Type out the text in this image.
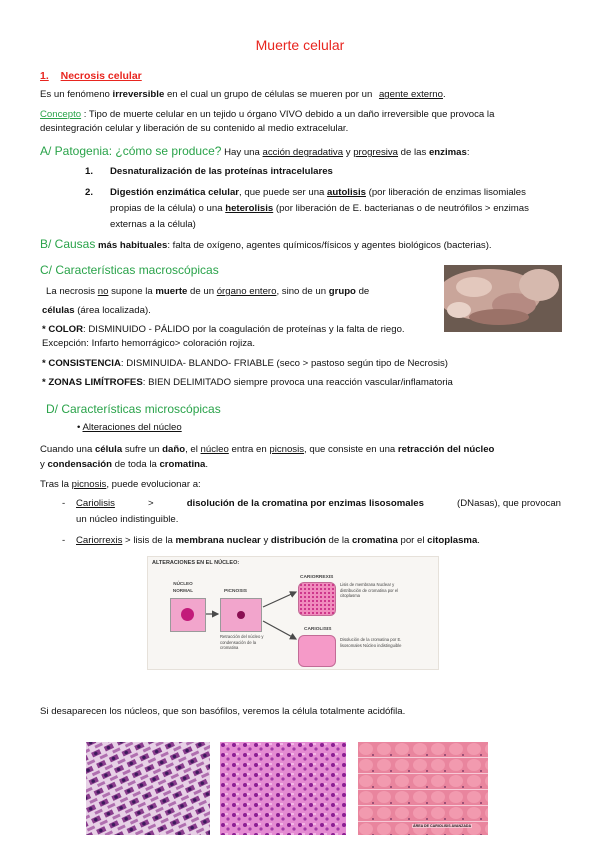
Muerte celular
1. Necrosis celular
Es un fenómeno irreversible en el cual un grupo de células se mueren por un agente externo.
Concepto : Tipo de muerte celular en un tejido u órgano VIVO debido a un daño irreversible que provoca la
desintegración celular y liberación de su contenido al medio extracelular.
A/ Patogenia: ¿cómo se produce? Hay una acción degradativa y progresiva de las enzimas:
1. Desnaturalización de las proteínas intracelulares
2. Digestión enzimática celular, que puede ser una autolisis (por liberación de enzimas lisomiales
propias de la célula) o una heterolisis (por liberación de E. bacterianas o de neutrófilos > enzimas
externas a la célula)
B/ Causas más habituales: falta de oxígeno, agentes químicos/físicos y agentes biológicos (bacterias).
C/ Características macroscópicas
La necrosis no supone la muerte de un órgano entero, sino de un grupo de
células (área localizada).
* COLOR: DISMINUIDO - PÁLIDO por la coagulación de proteínas y la falta de riego.
Excepción: Infarto hemorrágico> coloración rojiza.
* CONSISTENCIA: DISMINUIDA- BLANDO- FRIABLE (seco > pastoso según tipo de Necrosis)
* ZONAS LIMÍTROFES: BIEN DELIMITADO siempre provoca una reacción vascular/inflamatoria
D/ Características microscópicas
• Alteraciones del núcleo
Cuando una célula sufre un daño, el núcleo entra en picnosis, que consiste en una retracción del núcleo
y condensación de toda la cromatina.
Tras la picnosis, puede evolucionar a:
- Cariolisis	>	disolución de la cromatina por enzimas lisosomales	(DNasas), que provocan
un núcleo indistinguible.
- Cariorrexis > lisis de la membrana nuclear y distribución de la cromatina por el citoplasma.
ALTERACIONES EN EL NÚCLEO:
NÚCLEO NORMAL	PICNOSIS
Retracción del núcleo y condensación de la cromatina
CARIORREXIS
Lisis de membrana Nuclear y distribución de cromatina por el citoplasma
CARIOLISIS
Disolución de la cromatina por E. lisosomales Núcleo indistinguible
Si desaparecen los núcleos, que son basófilos, veremos la célula totalmente acidófila.
ÁREA DE CARIOLISIS AVANZADA
